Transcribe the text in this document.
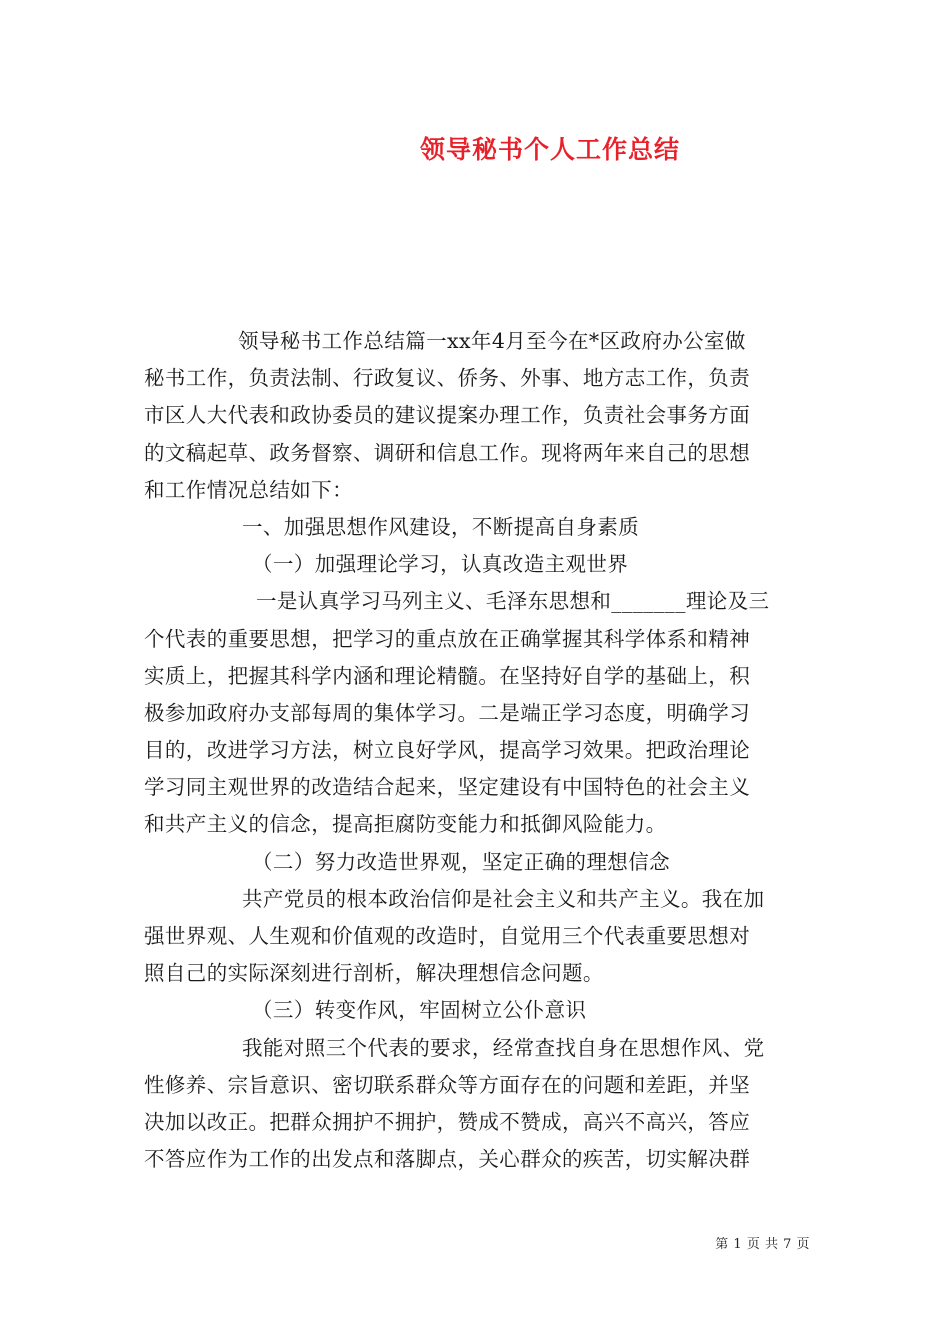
领导秘书个人工作总结
领导秘书工作总结篇一xx年4月至今在*区政府办公室做
秘书工作，负责法制、行政复议、侨务、外事、地方志工作，负责
市区人大代表和政协委员的建议提案办理工作，负责社会事务方面
的文稿起草、政务督察、调研和信息工作。现将两年来自己的思想
和工作情况总结如下：
一、加强思想作风建设，不断提高自身素质
（一）加强理论学习，认真改造主观世界
一是认真学习马列主义、毛泽东思想和_______理论及三
个代表的重要思想，把学习的重点放在正确掌握其科学体系和精神
实质上，把握其科学内涵和理论精髓。在坚持好自学的基础上，积
极参加政府办支部每周的集体学习。二是端正学习态度，明确学习
目的，改进学习方法，树立良好学风，提高学习效果。把政治理论
学习同主观世界的改造结合起来，坚定建设有中国特色的社会主义
和共产主义的信念，提高拒腐防变能力和抵御风险能力。
（二）努力改造世界观，坚定正确的理想信念
共产党员的根本政治信仰是社会主义和共产主义。我在加
强世界观、人生观和价值观的改造时，自觉用三个代表重要思想对
照自己的实际深刻进行剖析，解决理想信念问题。
（三）转变作风，牢固树立公仆意识
我能对照三个代表的要求，经常查找自身在思想作风、党
性修养、宗旨意识、密切联系群众等方面存在的问题和差距，并坚
决加以改正。把群众拥护不拥护，赞成不赞成，高兴不高兴，答应
不答应作为工作的出发点和落脚点，关心群众的疾苦，切实解决群
第 1 页 共 7 页
